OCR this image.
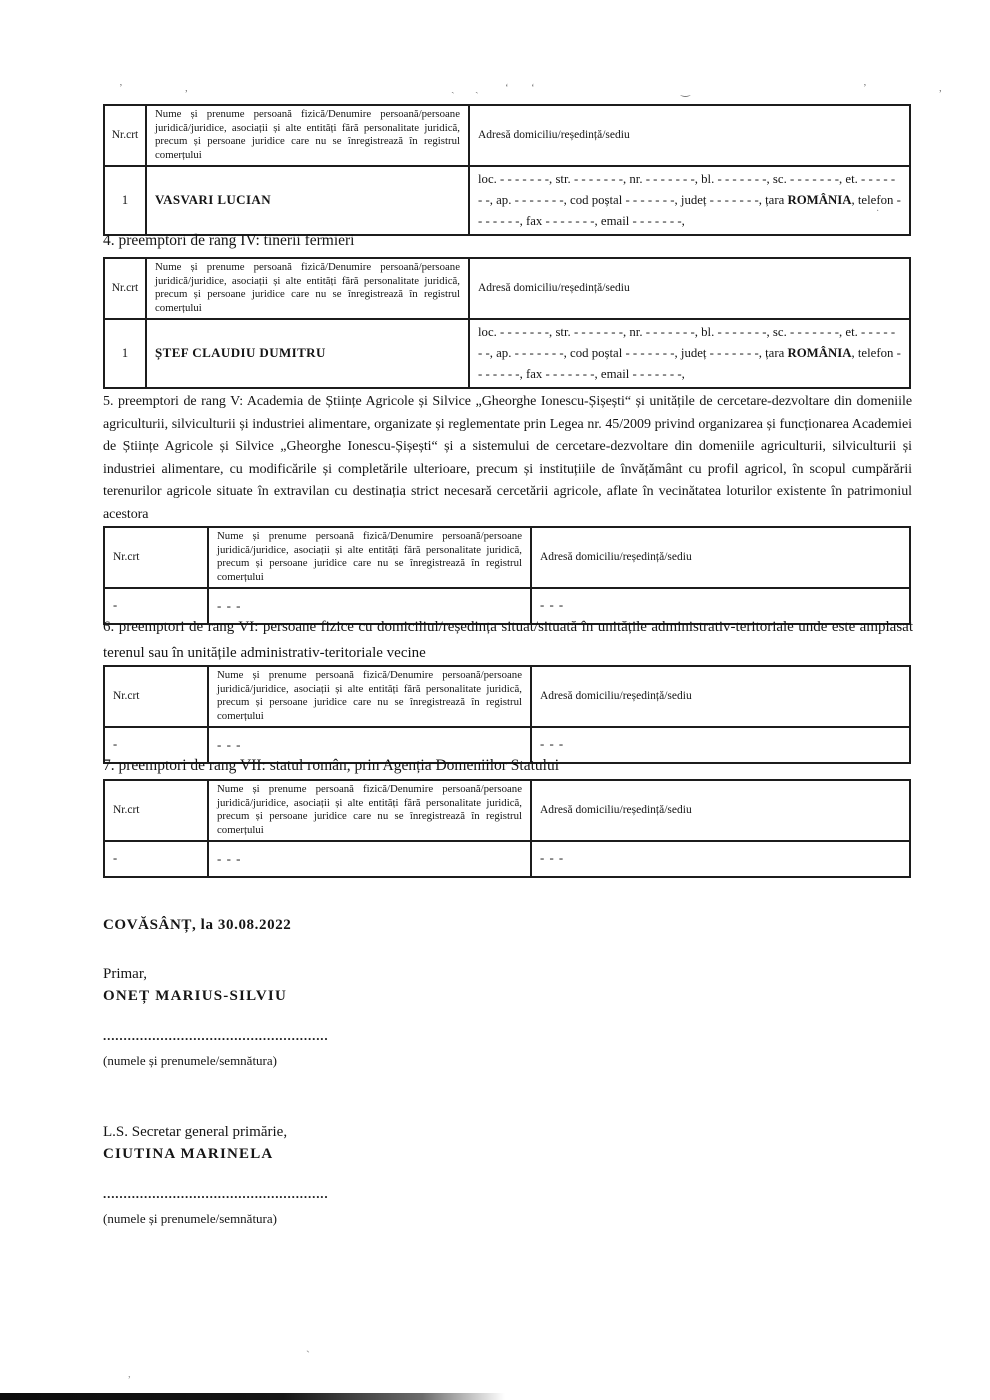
ʼ	,	ˎ ˎ ʻ ʻ	‿	ʼ	,
Nr.crt	Nume și prenume persoană fizică/Denumire persoană/persoane juridică/juridice, asociații și alte entități fără personalitate juridică, precum și persoane juridice care nu se înregistrează în registrul comerțului	Adresă domiciliu/reședință/sediu
1	VASVARI LUCIAN	loc. - - - - - - -, str. - - - - - - -, nr. - - - - - - -, bl. - - - - - - -, sc. - - - - - - -, et. - - - - - - -, ap. - - - - - - -, cod poștal - - - - - - -, județ - - - - - - -, țara ROMÂNIA, telefon - - - - - - -, fax - - - - - - -, email - - - - - - -,
4. preemptori de rang IV: tinerii fermieri
Nr.crt	Nume și prenume persoană fizică/Denumire persoană/persoane juridică/juridice, asociații și alte entități fără personalitate juridică, precum și persoane juridice care nu se înregistrează în registrul comerțului	Adresă domiciliu/reședință/sediu
1	ȘTEF CLAUDIU DUMITRU	loc. - - - - - - -, str. - - - - - - -, nr. - - - - - - -, bl. - - - - - - -, sc. - - - - - - -, et. - - - - - - -, ap. - - - - - - -, cod poștal - - - - - - -, județ - - - - - - -, țara ROMÂNIA, telefon - - - - - - -, fax - - - - - - -, email - - - - - - -,
5. preemptori de rang V: Academia de Științe Agricole și Silvice „Gheorghe Ionescu-Șișești“ și unitățile de cercetare-dezvoltare din domeniile agriculturii, silviculturii și industriei alimentare, organizate și reglementate prin Legea nr. 45/2009 privind organizarea și funcționarea Academiei de Științe Agricole și Silvice „Gheorghe Ionescu-Șișești“ și a sistemului de cercetare-dezvoltare din domeniile agriculturii, silviculturii și industriei alimentare, cu modificările și completările ulterioare, precum și instituțiile de învățământ cu profil agricol, în scopul cumpărării terenurilor agricole situate în extravilan cu destinația strict necesară cercetării agricole, aflate în vecinătatea loturilor existente în patrimoniul acestora
Nr.crt	Nume și prenume persoană fizică/Denumire persoană/persoane juridică/juridice, asociații și alte entități fără personalitate juridică, precum și persoane juridice care nu se înregistrează în registrul comerțului	Adresă domiciliu/reședință/sediu
-	- - -	- - -
6. preemptori de rang VI: persoane fizice cu domiciliul/reședința situat/situată în unitățile administrativ-teritoriale unde este amplasat terenul sau în unitățile administrativ-teritoriale vecine
Nr.crt	Nume și prenume persoană fizică/Denumire persoană/persoane juridică/juridice, asociații și alte entități fără personalitate juridică, precum și persoane juridice care nu se înregistrează în registrul comerțului	Adresă domiciliu/reședință/sediu
-	- - -	- - -
7. preemptori de rang VII: statul român, prin Agenția Domeniilor Statului
Nr.crt	Nume și prenume persoană fizică/Denumire persoană/persoane juridică/juridice, asociații și alte entități fără personalitate juridică, precum și persoane juridice care nu se înregistrează în registrul comerțului	Adresă domiciliu/reședință/sediu
-	- - -	- - -
COVĂSÂNȚ, la 30.08.2022
Primar,
ONEȚ MARIUS-SILVIU
.......................................................
(numele și prenumele/semnătura)
L.S. Secretar general primărie,
CIUTINA MARINELA
.......................................................
(numele și prenumele/semnătura)
·
ˋ
,
